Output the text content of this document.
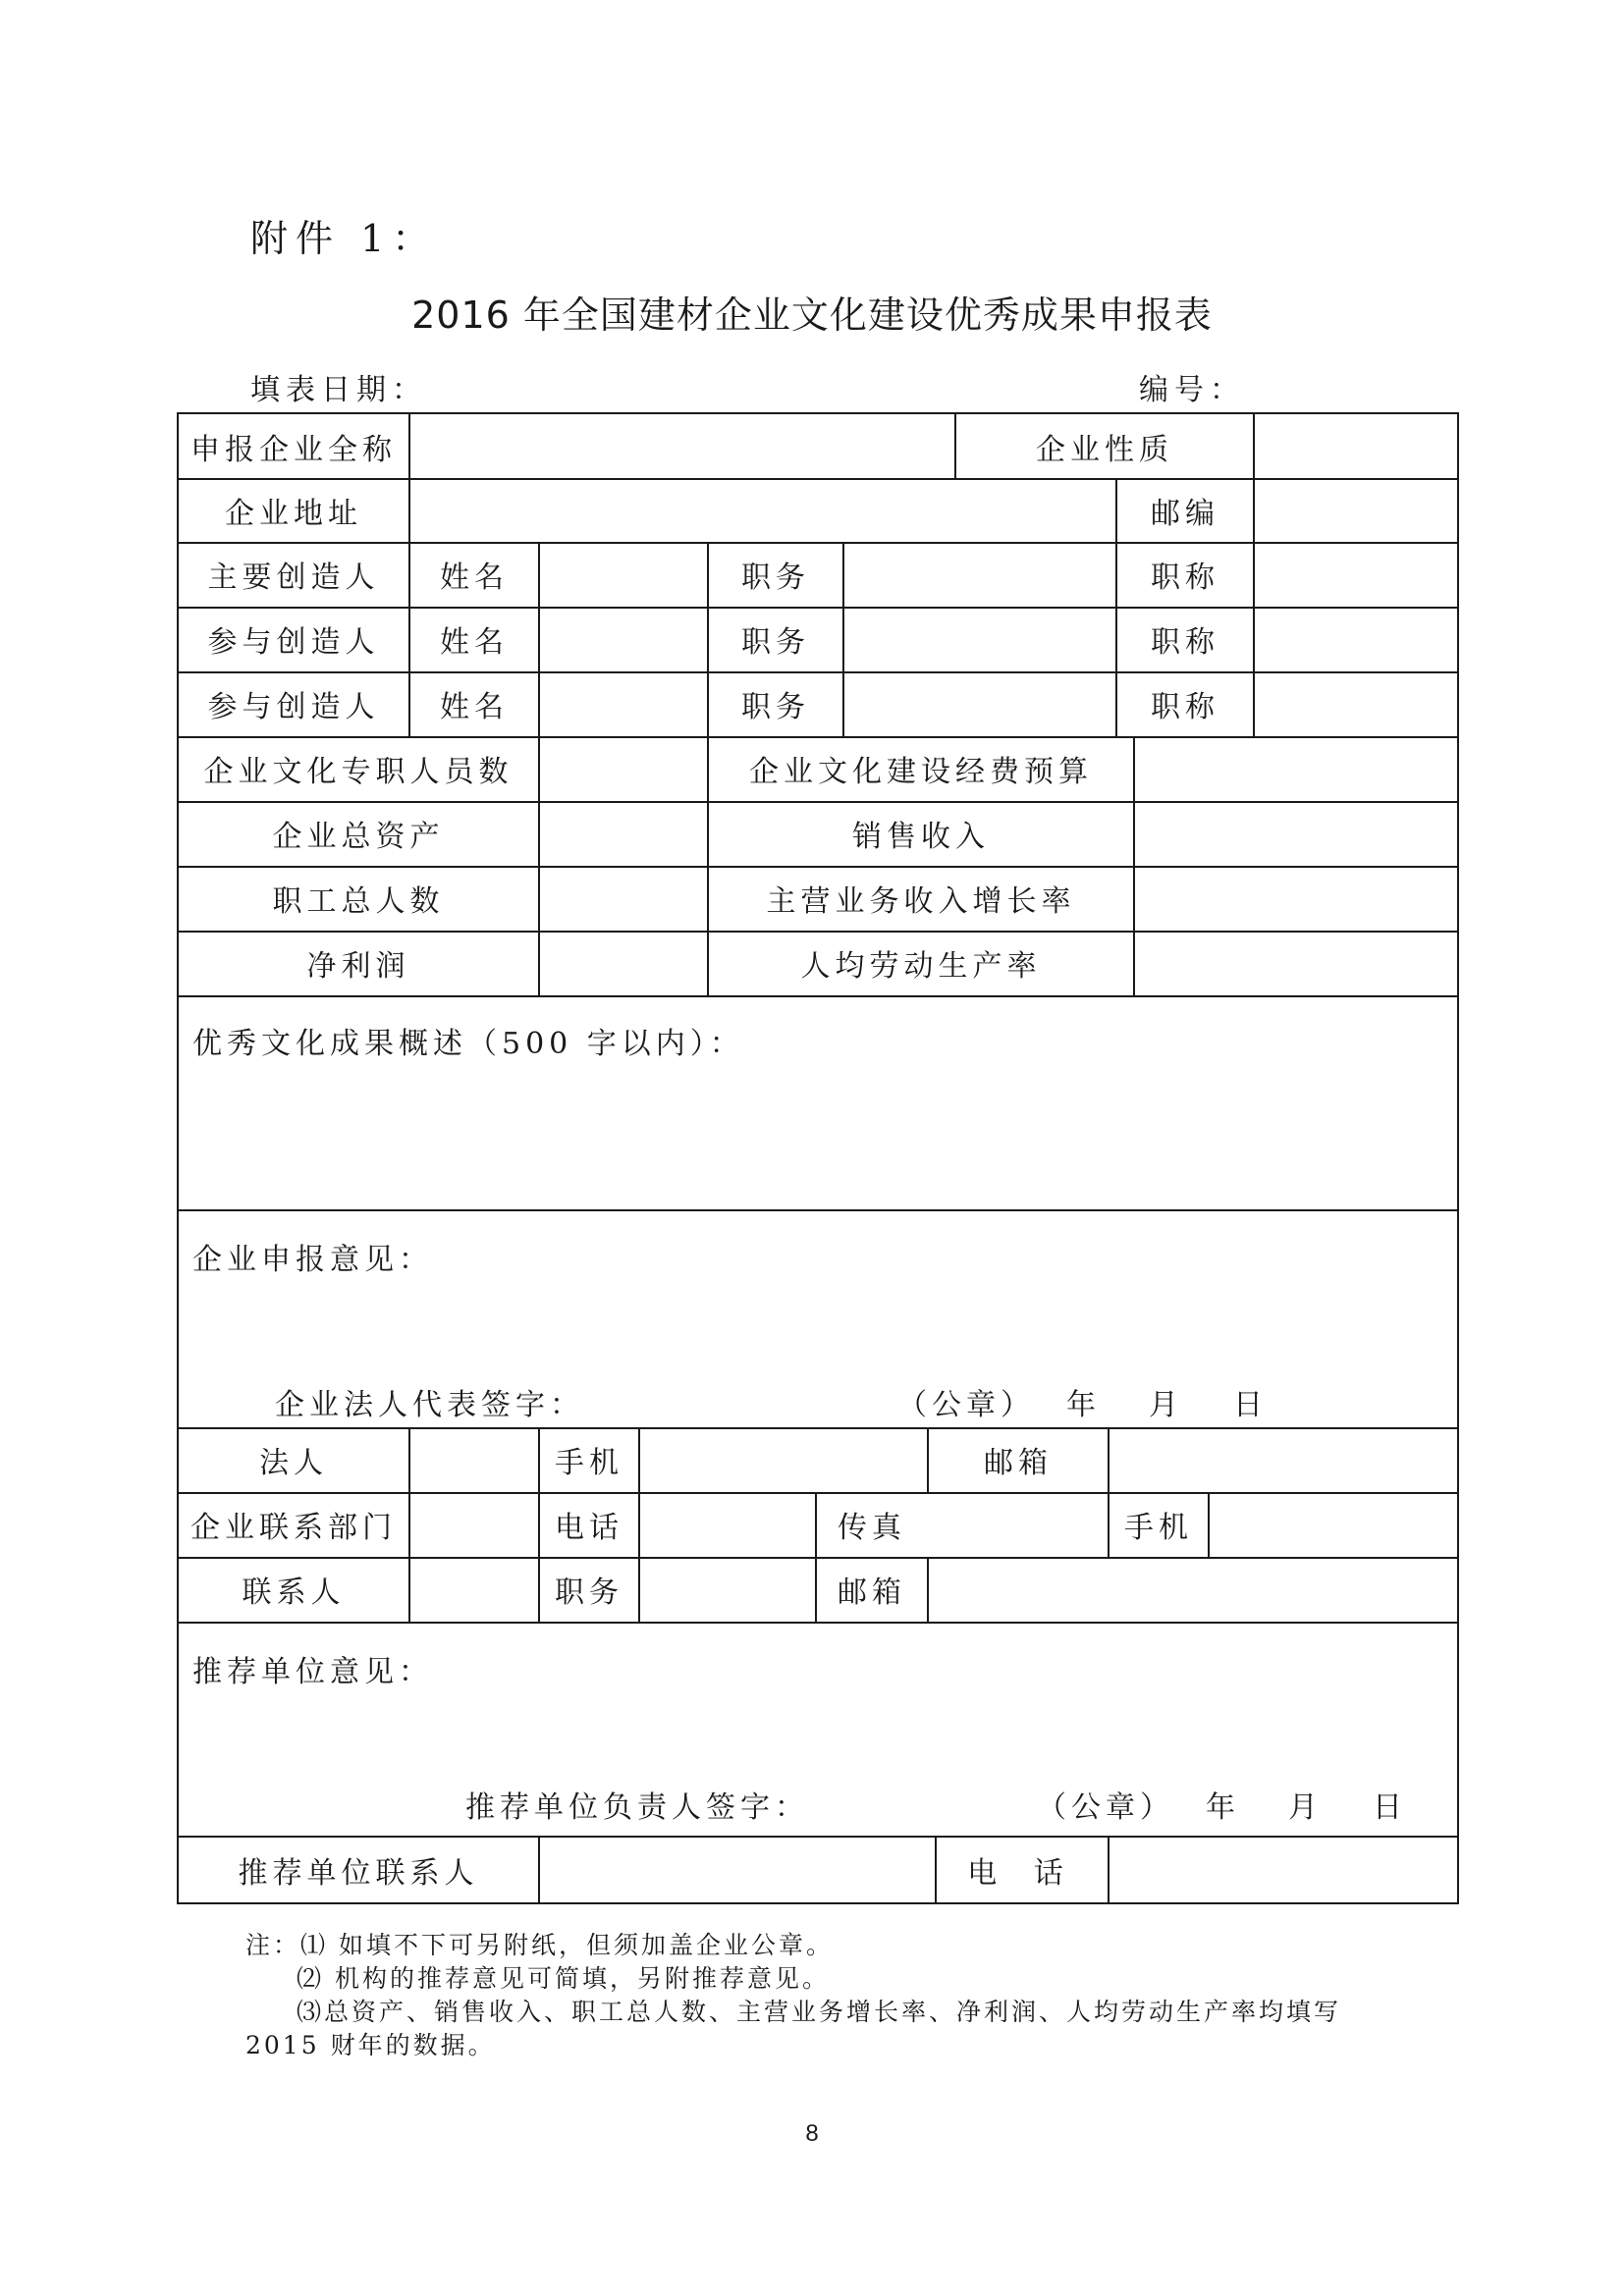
附件 1：
2016 年全国建材企业文化建设优秀成果申报表
填表日期：	编号：
申报企业全称	企业性质
企业地址	邮编
主要创造人	姓名	职务	职称
参与创造人	姓名	职务	职称
参与创造人	姓名	职务	职称
企业文化专职人员数	企业文化建设经费预算
企业总资产	销售收入
职工总人数	主营业务收入增长率
净利润	人均劳动生产率
优秀文化成果概述（500 字以内）：
企业申报意见：
企业法人代表签字：	（公章） 年 月 日
法人	手机	邮箱
企业联系部门	电话	传真	手机
联系人	职务	邮箱
推荐单位意见：
推荐单位负责人签字：	（公章） 年 月 日
推荐单位联系人	电 话
注：⑴ 如填不下可另附纸，但须加盖企业公章。
⑵ 机构的推荐意见可简填，另附推荐意见。
⑶总资产、销售收入、职工总人数、主营业务增长率、净利润、人均劳动生产率均填写
2015 财年的数据。
8
